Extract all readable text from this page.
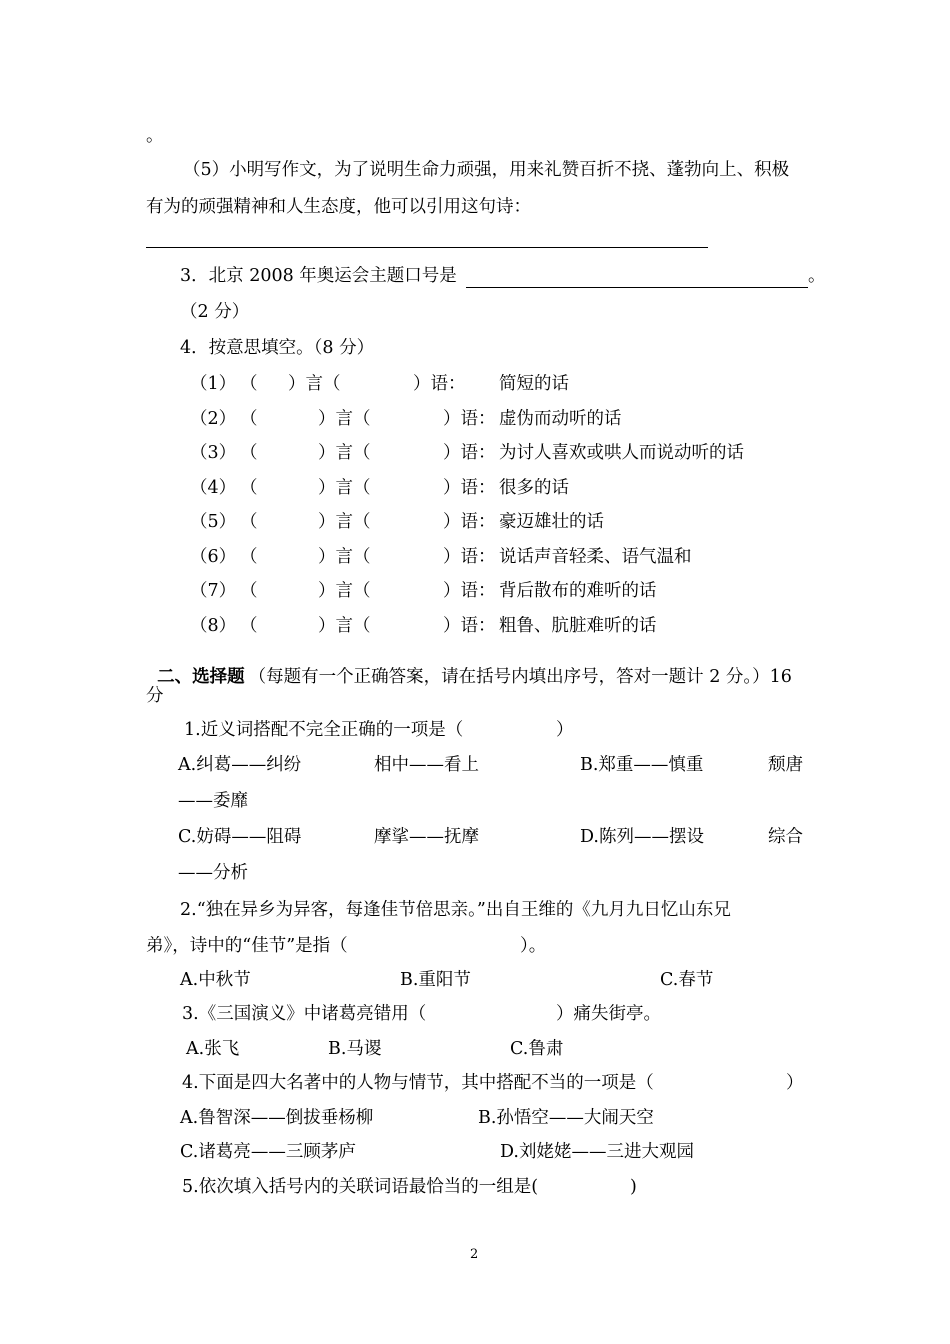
。
（5）小明写作文，为了说明生命力顽强，用来礼赞百折不挠、蓬勃向上、积极
有为的顽强精神和人生态度，他可以引用这句诗：
3．北京 2008 年奥运会主题口号是	。
（2 分）
4．按意思填空。（8 分）
（1） （ ）言（	）语： 简短的话
（2） （	）言（	）语： 虚伪而动听的话
（3） （	）言（	）语： 为讨人喜欢或哄人而说动听的话
（4） （	）言（	）语： 很多的话
（5） （	）言（	）语： 豪迈雄壮的话
（6） （	）言（	）语： 说话声音轻柔、语气温和
（7） （	）言（	）语： 背后散布的难听的话
（8） （	）言（	）语： 粗鲁、肮脏难听的话

二、选择题 （每题有一个正确答案，请在括号内填出序号，答对一题计 2 分。）16

分
1.近义词搭配不完全正确的一项是（	）
A.纠葛——纠纷	相中——看上	B.郑重——慎重	颓唐
——委靡
C.妨碍——阻碍	摩挲——抚摩	D.陈列——摆设	综合
——分析
2.“独在异乡为异客，每逢佳节倍思亲。”出自王维的《九月九日忆山东兄
弟》，诗中的“佳节”是指（	）。
A.中秋节	B.重阳节	C.春节
3.《三国演义》中诸葛亮错用（	）痛失街亭。
A.张飞	B.马谡	C.鲁肃
4.下面是四大名著中的人物与情节，其中搭配不当的一项是（	）
A.鲁智深——倒拔垂杨柳	B.孙悟空——大闹天空
C.诸葛亮——三顾茅庐	D.刘姥姥——三进大观园
5.依次填入括号内的关联词语最恰当的一组是(	)
2
